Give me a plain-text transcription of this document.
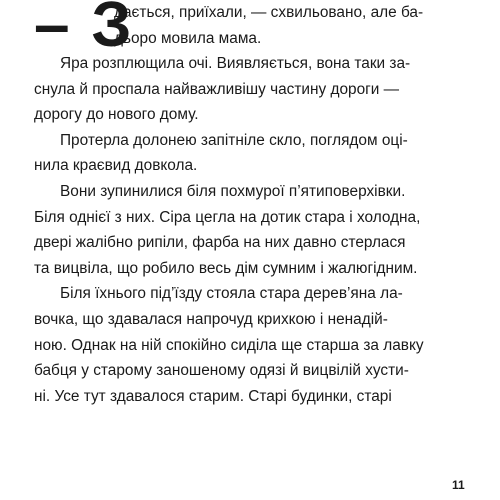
– З
дається, приїхали, — схвильовано, але ба-
дьоро мовила мама.
Яра розплющила очі. Виявляється, вона таки за-
снула й проспала найважливішу частину дороги —
дорогу до нового дому.
Протерла долонею запітніле скло, поглядом оці-
нила краєвид довкола.
Вони зупинилися біля похмурої п’ятиповерхівки.
Біля однієї з них. Сіра цегла на дотик стара і холодна,
двері жалібно рипіли, фарба на них давно стерлася
та вицвіла, що робило весь дім сумним і жалюгідним.
Біля їхнього під’їзду стояла стара дерев’яна ла-
вочка, що здавалася напрочуд крихкою і ненадій-
ною. Однак на ній спокійно сиділа ще старша за лавку
бабця у старому заношеному одязі й вицвілій хусти-
ні. Усе тут здавалося старим. Старі будинки, старі
11
